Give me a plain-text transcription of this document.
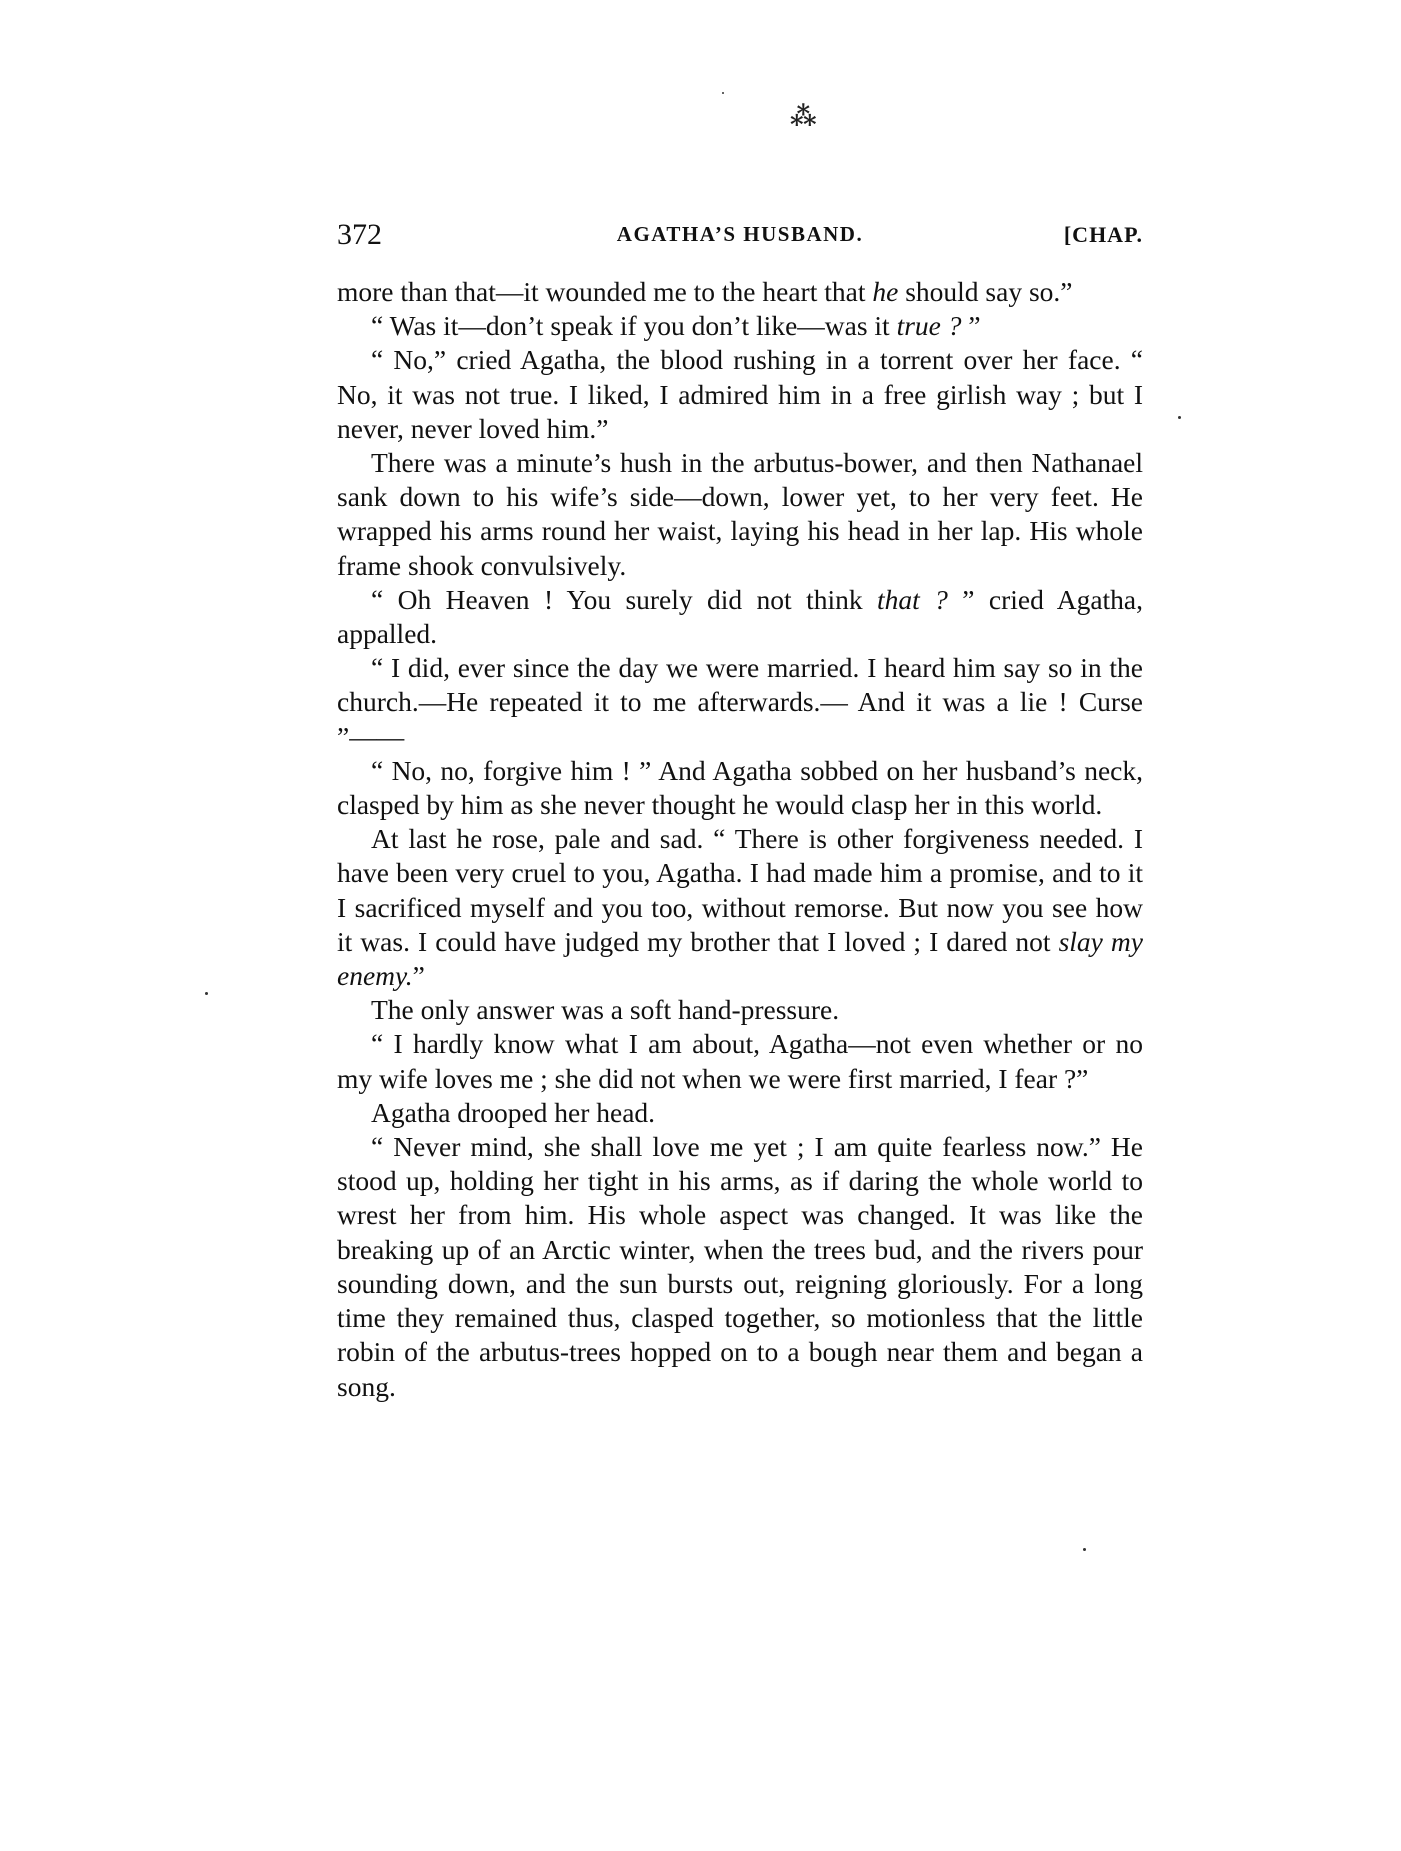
⁂
372	AGATHA’S HUSBAND.	[CHAP.

more than that—it wounded me to the heart that he should say so.”

“ Was it—don’t speak if you don’t like—was it true ? ”

“ No,” cried Agatha, the blood rushing in a torrent over her face. “ No, it was not true. I liked, I admired him in a free girlish way ; but I never, never loved him.”

There was a minute’s hush in the arbutus-bower, and then Nathanael sank down to his wife’s side—down, lower yet, to her very feet. He wrapped his arms round her waist, laying his head in her lap. His whole frame shook convulsively.

“ Oh Heaven ! You surely did not think that ? ” cried Agatha, appalled.

“ I did, ever since the day we were married. I heard him say so in the church.—He repeated it to me afterwards.— And it was a lie ! Curse ”——

“ No, no, forgive him ! ” And Agatha sobbed on her husband’s neck, clasped by him as she never thought he would clasp her in this world.

At last he rose, pale and sad. “ There is other forgiveness needed. I have been very cruel to you, Agatha. I had made him a promise, and to it I sacrificed myself and you too, without remorse. But now you see how it was. I could have judged my brother that I loved ; I dared not slay my enemy.”

The only answer was a soft hand-pressure.

“ I hardly know what I am about, Agatha—not even whether or no my wife loves me ; she did not when we were first married, I fear ?”

Agatha drooped her head.

“ Never mind, she shall love me yet ; I am quite fearless now.” He stood up, holding her tight in his arms, as if daring the whole world to wrest her from him. His whole aspect was changed. It was like the breaking up of an Arctic winter, when the trees bud, and the rivers pour sounding down, and the sun bursts out, reigning gloriously. For a long time they remained thus, clasped together, so motionless that the little robin of the arbutus-trees hopped on to a bough near them and began a song.
